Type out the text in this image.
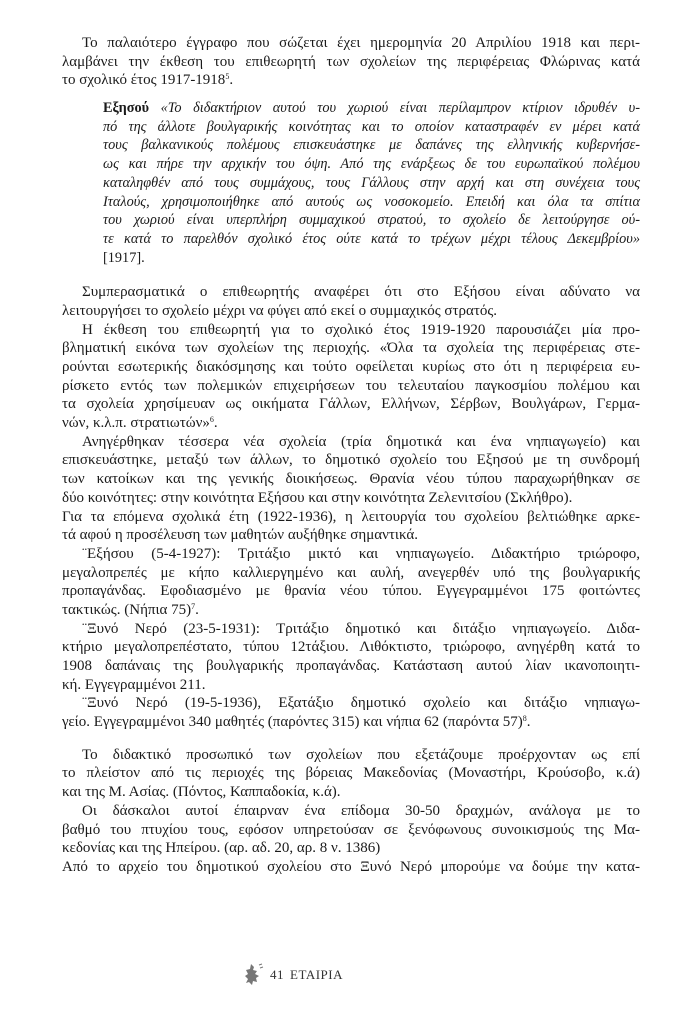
Το παλαιότερο έγγραφο που σώζεται έχει ημερομηνία 20 Απριλίου 1918 και περι-
λαμβάνει την έκθεση του επιθεωρητή των σχολείων της περιφέρειας Φλώρινας κατά
το σχολικό έτος 1917-1918$^5$.
Εξησού «Το διδακτήριον αυτού του χωριού είναι περίλαμπρον κτίριον ιδρυθέν υ-
πό της άλλοτε βουλγαρικής κοινότητας και το οποίον καταστραφέν εν μέρει κατά
τους βαλκανικούς πολέμους επισκευάστηκε με δαπάνες της ελληνικής κυβερνήσε-
ως και πήρε την αρχικήν του όψη. Από της ενάρξεως δε του ευρωπαϊκού πολέμου
καταληφθέν από τους συμμάχους, τους Γάλλους στην αρχή και στη συνέχεια τους
Ιταλούς, χρησιμοποιήθηκε από αυτούς ως νοσοκομείο. Επειδή και όλα τα σπίτια
του χωριού είναι υπερπλήρη συμμαχικού στρατού, το σχολείο δε λειτούργησε ού-
τε κατά το παρελθόν σχολικό έτος ούτε κατά το τρέχων μέχρι τέλους Δεκεμβρίου»
[1917].
Συμπερασματικά ο επιθεωρητής αναφέρει ότι στο Εξήσου είναι αδύνατο να
λειτουργήσει το σχολείο μέχρι να φύγει από εκεί ο συμμαχικός στρατός.
Η έκθεση του επιθεωρητή για το σχολικό έτος 1919-1920 παρουσιάζει μία προ-
βληματική εικόνα των σχολείων της περιοχής. «Όλα τα σχολεία της περιφέρειας στε-
ρούνται εσωτερικής διακόσμησης και τούτο οφείλεται κυρίως στο ότι η περιφέρεια ευ-
ρίσκετο εντός των πολεμικών επιχειρήσεων του τελευταίου παγκοσμίου πολέμου και
τα σχολεία χρησίμευαν ως οικήματα Γάλλων, Ελλήνων, Σέρβων, Βουλγάρων, Γερμα-
νών, κ.λ.π. στρατιωτών»$^6$.
Ανηγέρθηκαν τέσσερα νέα σχολεία (τρία δημοτικά και ένα νηπιαγωγείο) και
επισκευάστηκε, μεταξύ των άλλων, το δημοτικό σχολείο του Εξησού με τη συνδρομή
των κατοίκων και της γενικής διοικήσεως. Θρανία νέου τύπου παραχωρήθηκαν σε
δύο κοινότητες: στην κοινότητα Εξήσου και στην κοινότητα Ζελενιτσίου (Σκλήθρο).
Για τα επόμενα σχολικά έτη (1922-1936), η λειτουργία του σχολείου βελτιώθηκε αρκε-
τά αφού η προσέλευση των μαθητών αυξήθηκε σημαντικά.
¨Εξήσου (5-4-1927): Τριτάξιο μικτό και νηπιαγωγείο. Διδακτήριο τριώροφο,
μεγαλοπρεπές με κήπο καλλιεργημένο και αυλή, ανεγερθέν υπό της βουλγαρικής
προπαγάνδας. Εφοδιασμένο με θρανία νέου τύπου. Εγγεγραμμένοι 175 φοιτώντες
τακτικώς. (Νήπια 75)$^7$.
¨Ξυνό Νερό (23-5-1931): Τριτάξιο δημοτικό και διτάξιο νηπιαγωγείο. Διδα-
κτήριο μεγαλοπρεπέστατο, τύπου 12τάξιου. Λιθόκτιστο, τριώροφο, ανηγέρθη κατά το
1908 δαπάναις της βουλγαρικής προπαγάνδας. Κατάσταση αυτού λίαν ικανοποιητι-
κή. Εγγεγραμμένοι 211.
¨Ξυνό Νερό (19-5-1936), Εξατάξιο δημοτικό σχολείο και διτάξιο νηπιαγω-
γείο. Εγγεγραμμένοι 340 μαθητές (παρόντες 315) και νήπια 62 (παρόντα 57)$^8$.
Το διδακτικό προσωπικό των σχολείων που εξετάζουμε προέρχονταν ως επί
το πλείστον από τις περιοχές της βόρειας Μακεδονίας (Μοναστήρι, Κρούσοβο, κ.ά)
και της Μ. Ασίας. (Πόντος, Καππαδοκία, κ.ά).
Οι δάσκαλοι αυτοί έπαιρναν ένα επίδομα 30-50 δραχμών, ανάλογα με το
βαθμό του πτυχίου τους, εφόσον υπηρετούσαν σε ξενόφωνους συνοικισμούς της Μα-
κεδονίας και της Ηπείρου. (αρ. αδ. 20, αρ. 8 ν. 1386)
Από το αρχείο του δημοτικού σχολείου στο Ξυνό Νερό μπορούμε να δούμε την κατα-
41 ΕΤΑΙΡΙΑ
